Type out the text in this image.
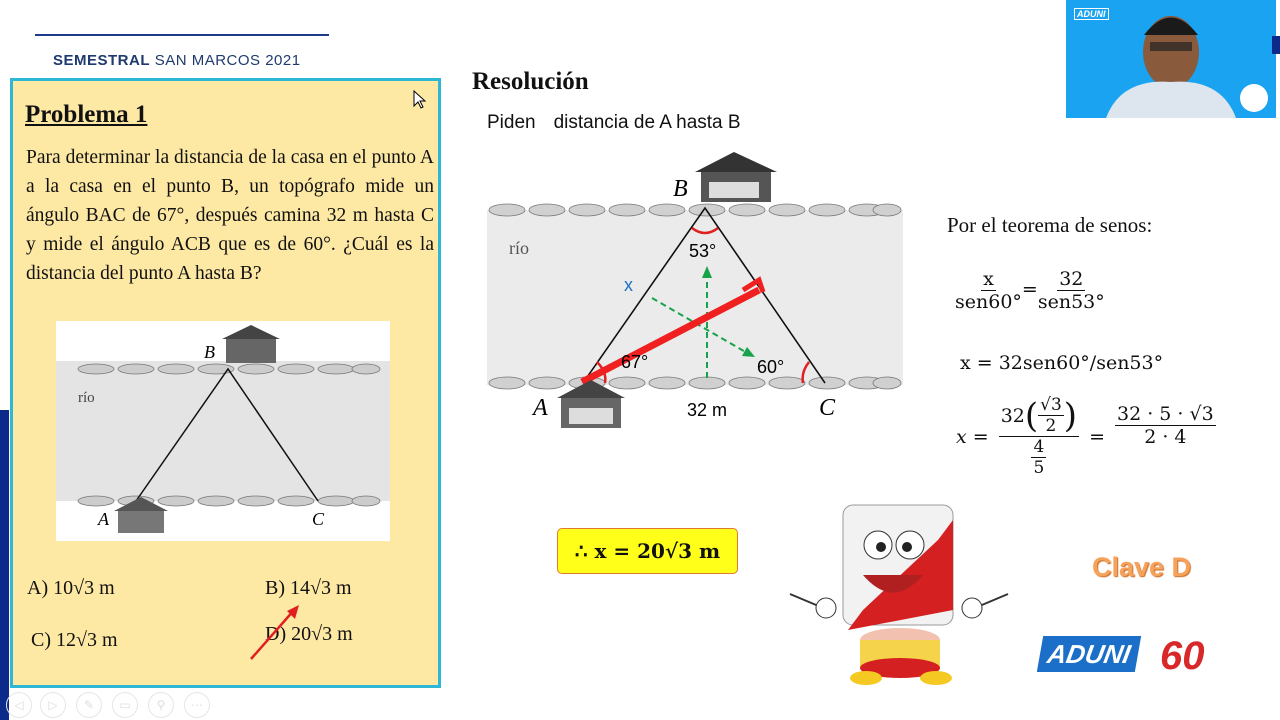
SEMESTRAL SAN MARCOS 2021
Problema 1
Para determinar la distancia de la casa en el punto A a la casa en el punto B, un topógrafo mide un ángulo BAC de 67°, después camina 32 m hasta C y mide el ángulo ACB que es de 60°. ¿Cuál es la distancia del punto A hasta B?
B
A	C
río
A) 10√3 m	B) 14√3 m
C) 12√3 m	D) 20√3 m
Resolución
Piden distancia de A hasta B
B
A	C
río	53°
67°	60°
x
32 m
Por el teorema de senos:
$\frac{x}{\text{sen60°}} = \frac{32}{\text{sen53°}}$
x = 32sen60°/sen53°
$x = \frac{32 ( \frac{√3}{2} )}{\frac{4}{5}} = \frac{32 \cdot 5 \cdot √3}{2 \cdot 4}$
∴ x = 20√3 m
Clave D
ADUNI 60
ADUNI
◁	▷	✎	▭	⚲	⋯
